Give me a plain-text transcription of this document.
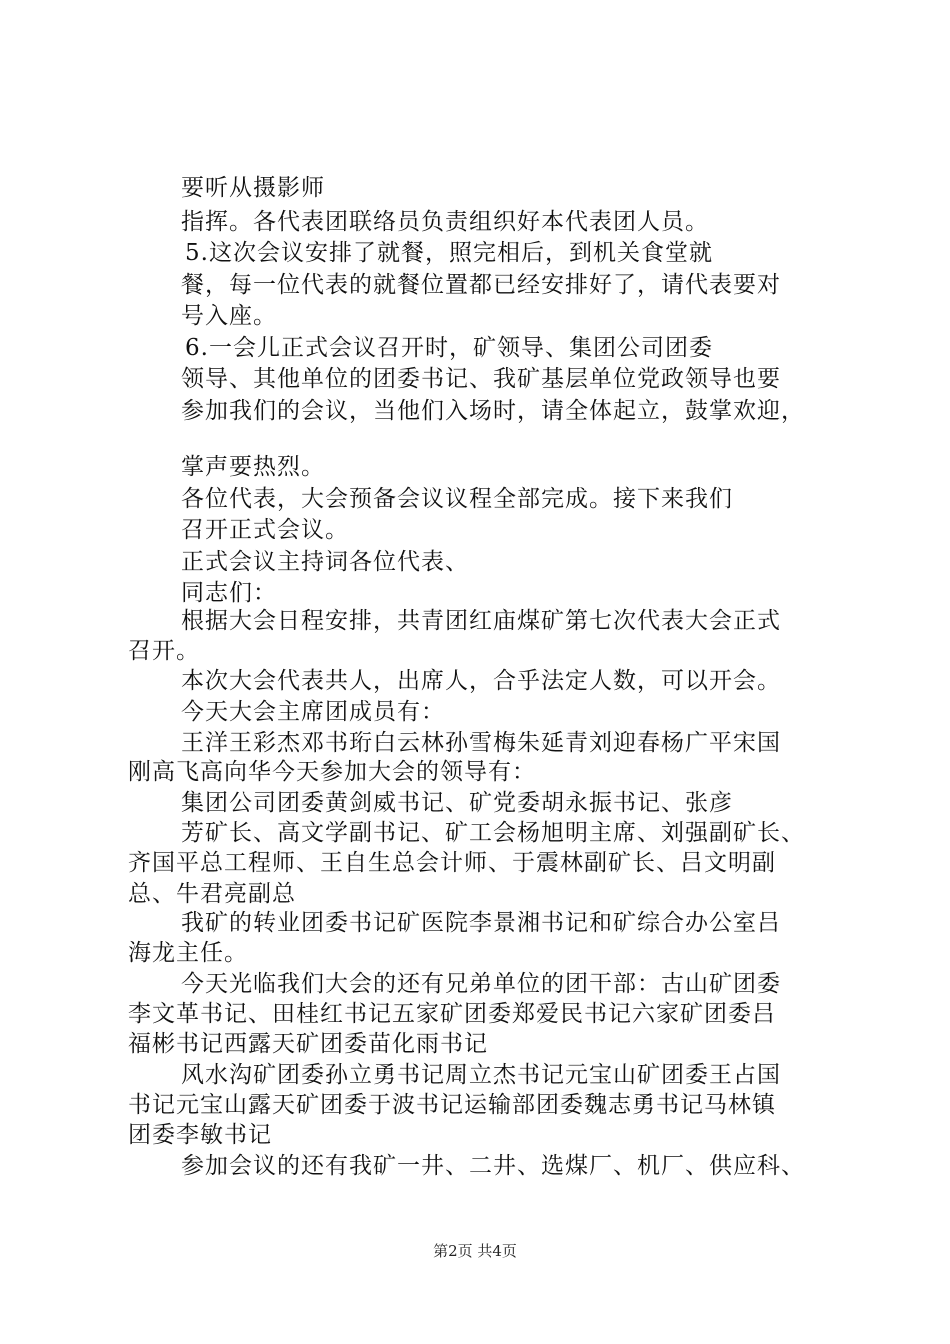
要听从摄影师
指挥。各代表团联络员负责组织好本代表团人员。
5.这次会议安排了就餐，照完相后，到机关食堂就
餐，每一位代表的就餐位置都已经安排好了，请代表要对
号入座。
6.一会儿正式会议召开时，矿领导、集团公司团委
领导、其他单位的团委书记、我矿基层单位党政领导也要
参加我们的会议，当他们入场时，请全体起立，鼓掌欢迎，
掌声要热烈。
各位代表，大会预备会议议程全部完成。接下来我们
召开正式会议。
正式会议主持词各位代表、
同志们：
根据大会日程安排，共青团红庙煤矿第七次代表大会正式
召开。
本次大会代表共人，出席人，合乎法定人数，可以开会。
今天大会主席团成员有：
王洋王彩杰邓书珩白云林孙雪梅朱延青刘迎春杨广平宋国
刚高飞高向华今天参加大会的领导有：
集团公司团委黄剑威书记、矿党委胡永振书记、张彦
芳矿长、高文学副书记、矿工会杨旭明主席、刘强副矿长、
齐国平总工程师、王自生总会计师、于震林副矿长、吕文明副
总、牛君亮副总
我矿的转业团委书记矿医院李景湘书记和矿综合办公室吕
海龙主任。
今天光临我们大会的还有兄弟单位的团干部：古山矿团委
李文革书记、田桂红书记五家矿团委郑爱民书记六家矿团委吕
福彬书记西露天矿团委苗化雨书记
风水沟矿团委孙立勇书记周立杰书记元宝山矿团委王占国
书记元宝山露天矿团委于波书记运输部团委魏志勇书记马林镇
团委李敏书记
参加会议的还有我矿一井、二井、选煤厂、机厂、供应科、
第2页 共4页
